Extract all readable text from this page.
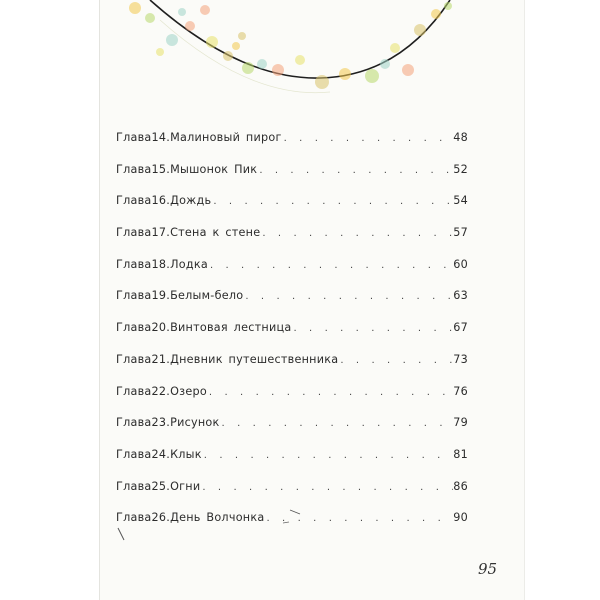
Глава 14. Малиновый пирог . . .	48
Глава 15. Мышонок Пик . . .	52
Глава 16. Дождь . . .	54
Глава 17. Стена к стене . . .	57
Глава 18. Лодка . . .	60
Глава 19. Белым-бело . . .	63
Глава 20. Винтовая лестница . . .	67
Глава 21. Дневник путешественника . . .	73
Глава 22. Озеро . . .	76
Глава 23. Рисунок . . .	79
Глава 24. Клык . . .	81
Глава 25. Огни . . .	86
Глава 26. День Волчонка . . .	90
95
